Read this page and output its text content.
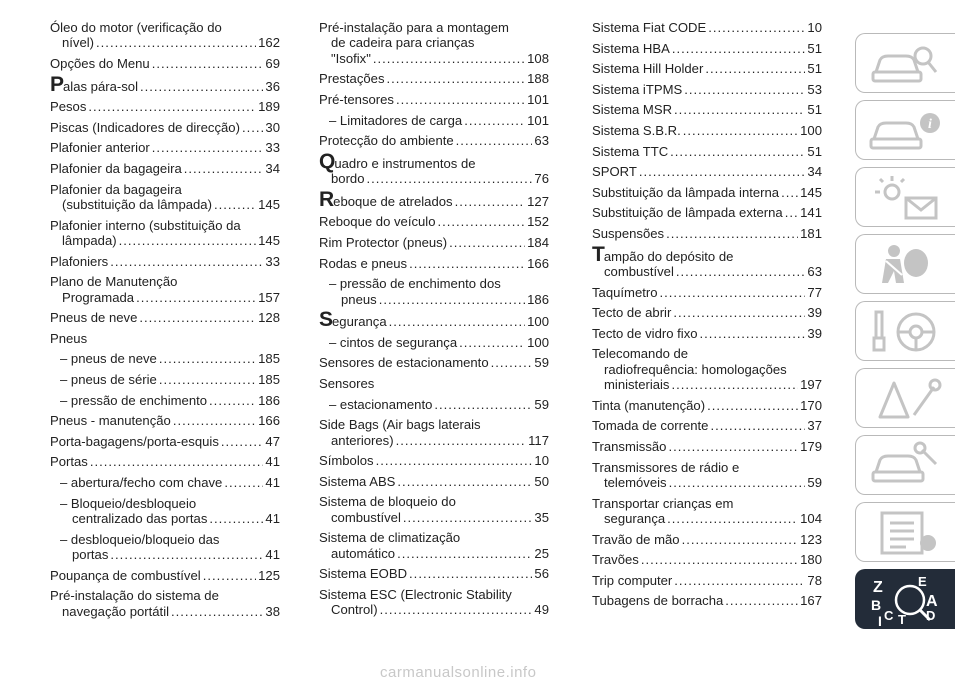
Óleo do motor (verificação do
nível) .....	162
Opções do Menu .....	69
Palas pára-sol .....	36
Pesos .....	189
Piscas (Indicadores de direcção) ..... 30
Plafonier anterior .....	33
Plafonier da bagageira .....	34
Plafonier da bagageira
(substituição da lâmpada) .....	145
Plafonier interno (substituição da
lâmpada) .....	145
Plafoniers .....	33
Plano de Manutenção
Programada .....	157
Pneus de neve .....	128
Pneus
– pneus de neve .....	185
– pneus de série .....	185
– pressão de enchimento .....	186
Pneus - manutenção .....	166
Porta-bagagens/porta-esquis .....	47
Portas .....	41
– abertura/fecho com chave .....	41
– Bloqueio/desbloqueio
centralizado das portas .....	41
– desbloqueio/bloqueio das
portas .....	41
Poupança de combustível .....	125
Pré-instalação do sistema de
navegação portátil .....	38
Pré-instalação para a montagem
de cadeira para crianças
"Isofix" .....	108
Prestações .....	188
Pré-tensores .....	101
– Limitadores de carga .....	101
Protecção do ambiente .....	63
Quadro e instrumentos de
bordo .....	76
Reboque de atrelados .....	127
Reboque do veículo .....	152
Rim Protector (pneus) .....	184
Rodas e pneus .....	166
– pressão de enchimento dos
pneus .....	186
Segurança .....	100
– cintos de segurança .....	100
Sensores de estacionamento .....	59
Sensores
– estacionamento .....	59
Side Bags (Air bags laterais
anteriores) .....	117
Símbolos .....	10
Sistema ABS .....	50
Sistema de bloqueio do
combustível .....	35
Sistema de climatização
automático .....	25
Sistema EOBD .....	56
Sistema ESC (Electronic Stability
Control) .....	49
Sistema Fiat CODE .....	10
Sistema HBA .....	51
Sistema Hill Holder .....	51
Sistema iTPMS .....	53
Sistema MSR .....	51
Sistema S.B.R. .....	100
Sistema TTC .....	51
SPORT .....	34
Substituição da lâmpada interna ..... 145
Substituição de lâmpada externa ..... 141
Suspensões .....	181
Tampão do depósito de
combustível .....	63
Taquímetro .....	77
Tecto de abrir .....	39
Tecto de vidro fixo .....	39
Telecomando de
radiofrequência: homologações
ministeriais .....	197
Tinta (manutenção) .....	170
Tomada de corrente .....	37
Transmissão .....	179
Transmissores de rádio e
telemóveis .....	59
Transportar crianças em
segurança .....	104
Travão de mão .....	123
Travões .....	180
Trip computer .....	78
Tubagens de borracha .....	167
i
Z	E
B	A
C	D
T
I
carmanualsonline.info
